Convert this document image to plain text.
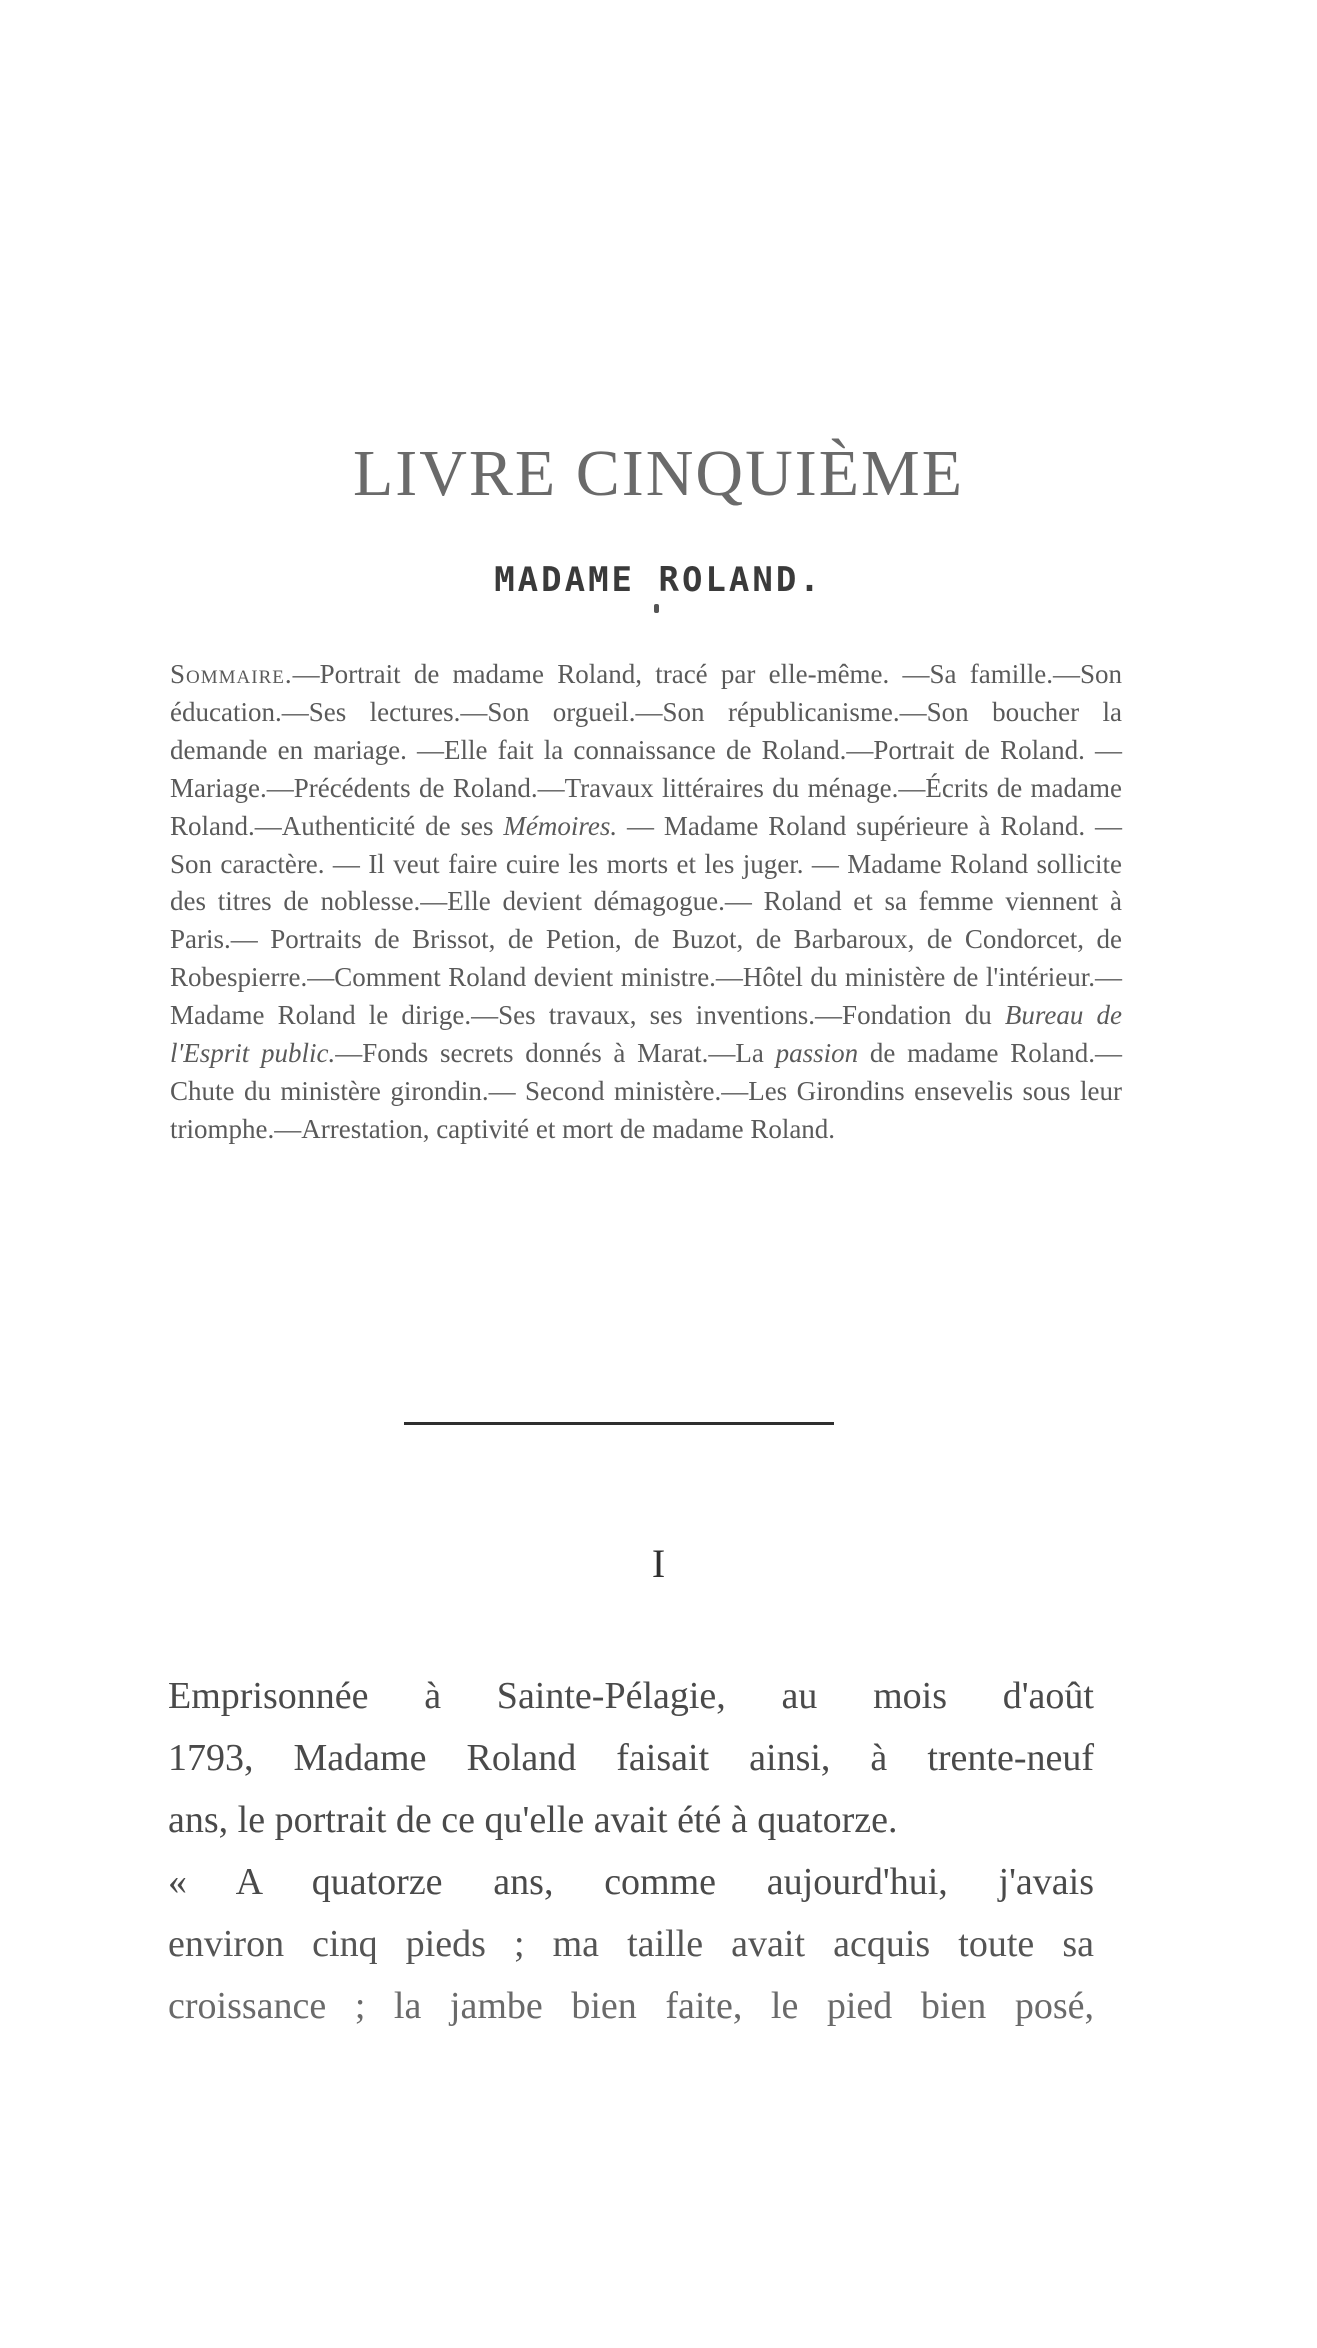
LIVRE CINQUIÈME
MADAME ROLAND.

Sommaire.—Portrait de madame Roland, tracé par elle-même. —Sa famille.—Son éducation.—Ses lectures.—Son orgueil.—Son républicanisme.—Son boucher la demande en mariage. —Elle fait la connaissance de Roland.—Portrait de Roland. —Mariage.—Précédents de Roland.—Travaux littéraires du ménage.—Écrits de madame Roland.—Authenticité de ses Mémoires. — Madame Roland supérieure à Roland. — Son caractère. — Il veut faire cuire les morts et les juger. — Madame Roland sollicite des titres de noblesse.—Elle devient démagogue.— Roland et sa femme viennent à Paris.— Portraits de Brissot, de Petion, de Buzot, de Barbaroux, de Condorcet, de Robespierre.—Comment Roland devient ministre.—Hôtel du ministère de l'intérieur.—Madame Roland le dirige.—Ses travaux, ses inventions.—Fondation du Bureau de l'Esprit public.—Fonds secrets donnés à Marat.—La passion de madame Roland.—Chute du ministère girondin.— Second ministère.—Les Girondins ensevelis sous leur triomphe.—Arrestation, captivité et mort de madame Roland.

I

Emprisonnée à Sainte-Pélagie, au mois d'août
1793, Madame Roland faisait ainsi, à trente-neuf
ans, le portrait de ce qu'elle avait été à quatorze.
« A quatorze ans, comme aujourd'hui, j'avais
environ cinq pieds ; ma taille avait acquis toute sa
croissance ; la jambe bien faite, le pied bien posé,
